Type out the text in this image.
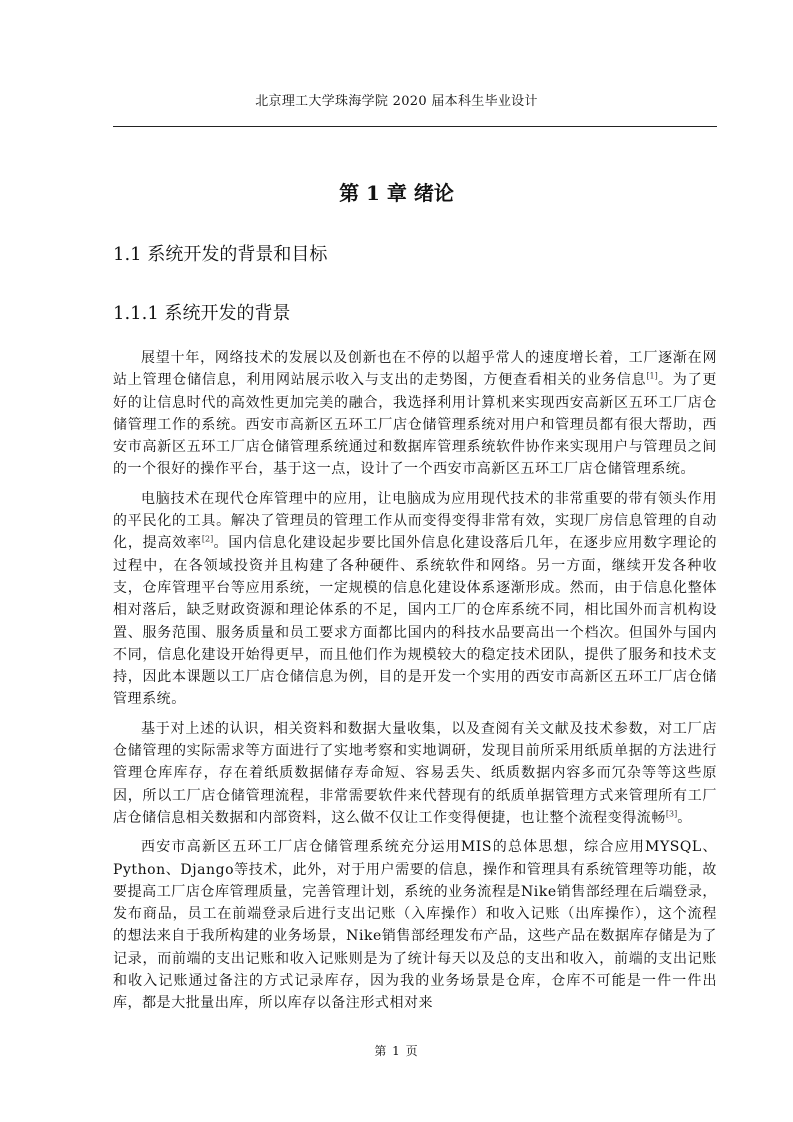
北京理工大学珠海学院 2020 届本科生毕业设计
第 1 章 绪论
1.1 系统开发的背景和目标
1.1.1 系统开发的背景

展望十年，网络技术的发展以及创新也在不停的以超乎常人的速度增长着，工厂逐渐在网站上管理仓储信息，利用网站展示收入与支出的走势图，方便查看相关的业务信息[1]。为了更好的让信息时代的高效性更加完美的融合，我选择利用计算机来实现西安高新区五环工厂店仓储管理工作的系统。西安市高新区五环工厂店仓储管理系统对用户和管理员都有很大帮助，西安市高新区五环工厂店仓储管理系统通过和数据库管理系统软件协作来实现用户与管理员之间的一个很好的操作平台，基于这一点，设计了一个西安市高新区五环工厂店仓储管理系统。

电脑技术在现代仓库管理中的应用，让电脑成为应用现代技术的非常重要的带有领头作用的平民化的工具。解决了管理员的管理工作从而变得变得非常有效，实现厂房信息管理的自动化，提高效率[2]。国内信息化建设起步要比国外信息化建设落后几年，在逐步应用数字理论的过程中，在各领域投资并且构建了各种硬件、系统软件和网络。另一方面，继续开发各种收支，仓库管理平台等应用系统，一定规模的信息化建设体系逐渐形成。然而，由于信息化整体相对落后，缺乏财政资源和理论体系的不足，国内工厂的仓库系统不同，相比国外而言机构设置、服务范围、服务质量和员工要求方面都比国内的科技水品要高出一个档次。但国外与国内不同，信息化建设开始得更早，而且他们作为规模较大的稳定技术团队，提供了服务和技术支持，因此本课题以工厂店仓储信息为例，目的是开发一个实用的西安市高新区五环工厂店仓储管理系统。

基于对上述的认识，相关资料和数据大量收集，以及查阅有关文献及技术参数，对工厂店仓储管理的实际需求等方面进行了实地考察和实地调研，发现目前所采用纸质单据的方法进行管理仓库库存，存在着纸质数据储存寿命短、容易丢失、纸质数据内容多而冗杂等等这些原因，所以工厂店仓储管理流程，非常需要软件来代替现有的纸质单据管理方式来管理所有工厂店仓储信息相关数据和内部资料，这么做不仅让工作变得便捷，也让整个流程变得流畅[3]。

西安市高新区五环工厂店仓储管理系统充分运用MIS的总体思想，综合应用MYSQL、Python、Django等技术，此外，对于用户需要的信息，操作和管理具有系统管理等功能，故要提高工厂店仓库管理质量，完善管理计划，系统的业务流程是Nike销售部经理在后端登录，发布商品，员工在前端登录后进行支出记账（入库操作）和收入记账（出库操作），这个流程的想法来自于我所构建的业务场景，Nike销售部经理发布产品，这些产品在数据库存储是为了记录，而前端的支出记账和收入记账则是为了统计每天以及总的支出和收入，前端的支出记账和收入记账通过备注的方式记录库存，因为我的业务场景是仓库，仓库不可能是一件一件出库，都是大批量出库，所以库存以备注形式相对来

第 1 页
